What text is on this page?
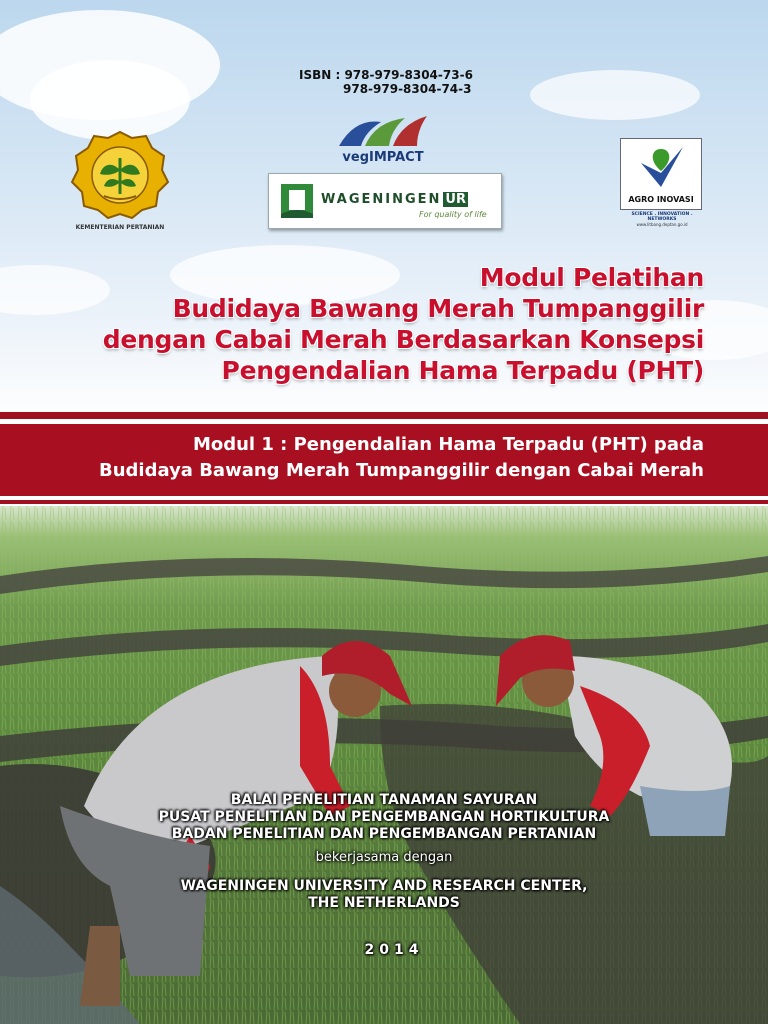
ISBN : 978-979-8304-73-6
978-979-8304-74-3
KEMENTERIAN PERTANIAN
vegIMPACT
WAGENINGEN UR
For quality of life
AGRO INOVASI
SCIENCE . INNOVATION . NETWORKS
www.litbang.deptan.go.id
Modul Pelatihan
Budidaya Bawang Merah Tumpanggilir
dengan Cabai Merah Berdasarkan Konsepsi
Pengendalian Hama Terpadu (PHT)
Modul 1 : Pengendalian Hama Terpadu (PHT) pada
Budidaya Bawang Merah Tumpanggilir dengan Cabai Merah
BALAI PENELITIAN TANAMAN SAYURAN
PUSAT PENELITIAN DAN PENGEMBANGAN HORTIKULTURA
BADAN PENELITIAN DAN PENGEMBANGAN PERTANIAN
bekerjasama dengan
WAGENINGEN UNIVERSITY AND RESEARCH CENTER,
THE NETHERLANDS
2014
